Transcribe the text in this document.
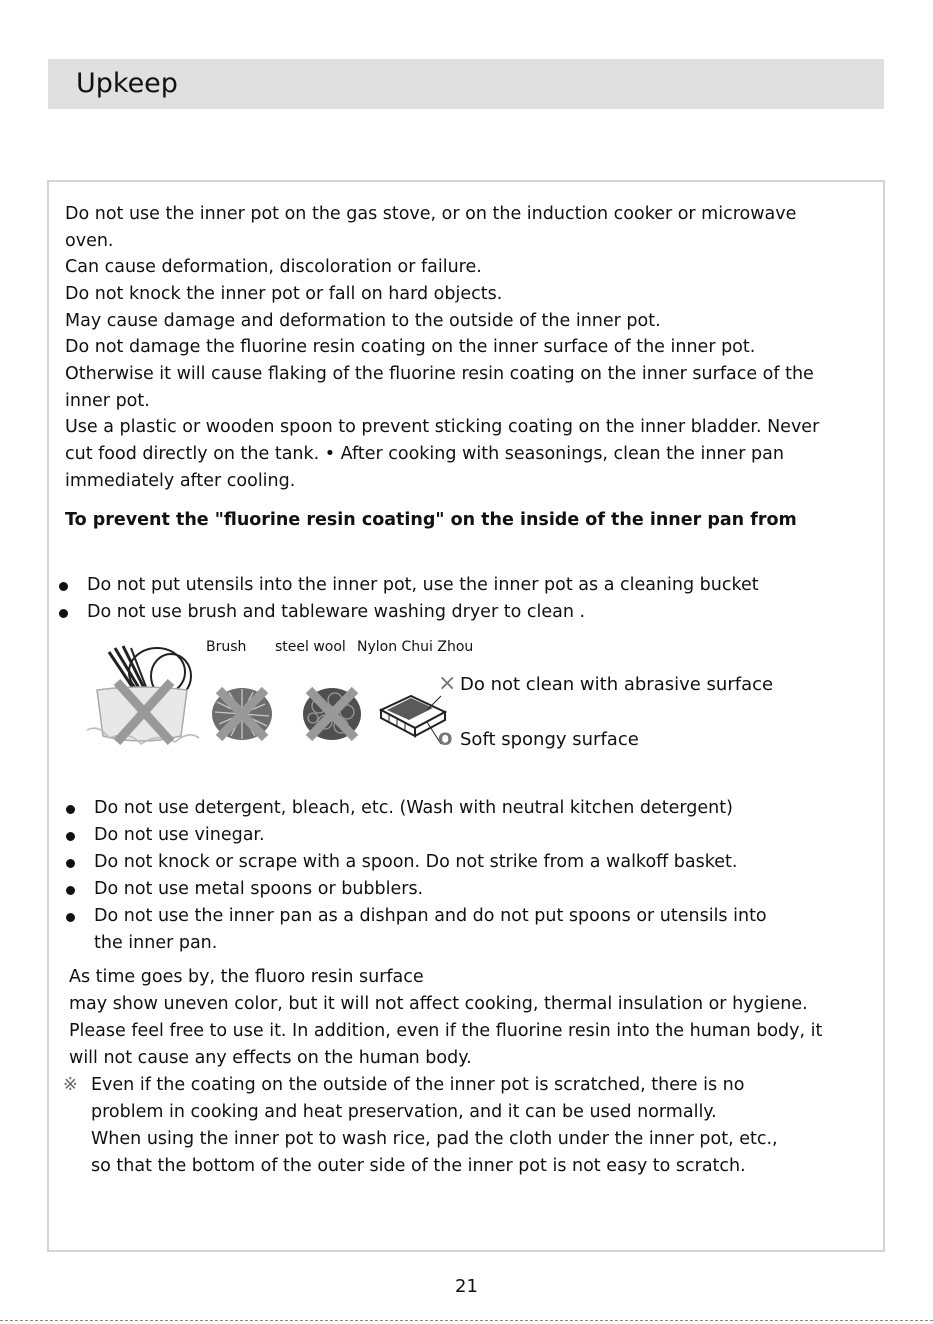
Upkeep
Do not use the inner pot on the gas stove, or on the induction cooker or microwave
oven.
Can cause deformation, discoloration or failure.
Do not knock the inner pot or fall on hard objects.
May cause damage and deformation to the outside of the inner pot.
Do not damage the fluorine resin coating on the inner surface of the inner pot.
Otherwise it will cause flaking of the fluorine resin coating on the inner surface of the
inner pot.
Use a plastic or wooden spoon to prevent sticking coating on the inner bladder. Never
cut food directly on the tank. • After cooking with seasonings, clean the inner pan
immediately after cooling.
To prevent the "fluorine resin coating" on the inside of the inner pan from
Do not put utensils into the inner pot, use the inner pot as a cleaning bucket
Do not use brush and tableware washing dryer to clean .
Brush steel wool Nylon Chui Zhou
× Do not clean with abrasive surface
O Soft spongy surface
Do not use detergent, bleach, etc. (Wash with neutral kitchen detergent)
Do not use vinegar.
Do not knock or scrape with a spoon. Do not strike from a walkoff basket.
Do not use metal spoons or bubblers.
Do not use the inner pan as a dishpan and do not put spoons or utensils into
the inner pan.
As time goes by, the fluoro resin surface
may show uneven color, but it will not affect cooking, thermal insulation or hygiene.
Please feel free to use it. In addition, even if the fluorine resin into the human body, it
will not cause any effects on the human body.
※ Even if the coating on the outside of the inner pot is scratched, there is no
problem in cooking and heat preservation, and it can be used normally.
When using the inner pot to wash rice, pad the cloth under the inner pot, etc.,
so that the bottom of the outer side of the inner pot is not easy to scratch.
21
